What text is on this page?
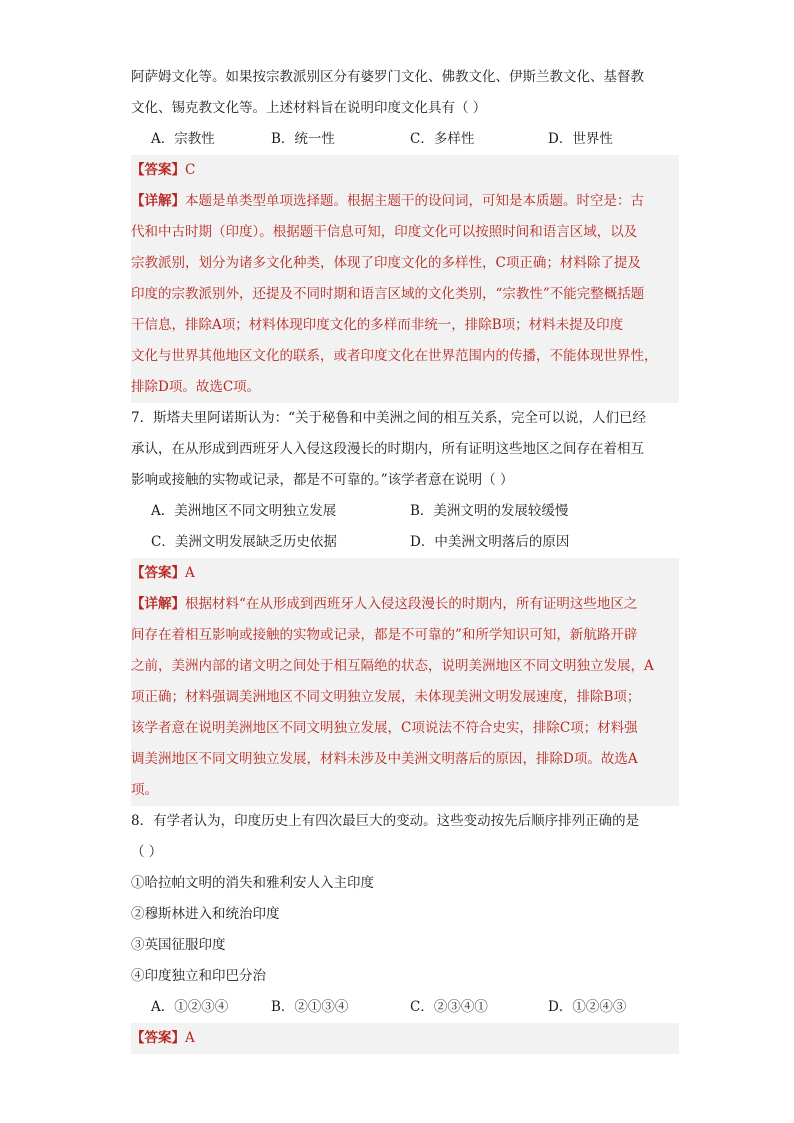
阿萨姆文化等。如果按宗教派别区分有婆罗门文化、佛教文化、伊斯兰教文化、基督教
文化、锡克教文化等。上述材料旨在说明印度文化具有（ ）
A．宗教性	B．统一性	C．多样性	D．世界性
【答案】C
【详解】本题是单类型单项选择题。根据主题干的设问词，可知是本质题。时空是：古
代和中古时期（印度）。根据题干信息可知，印度文化可以按照时间和语言区域，以及
宗教派别，划分为诸多文化种类，体现了印度文化的多样性，C项正确；材料除了提及
印度的宗教派别外，还提及不同时期和语言区域的文化类别，“宗教性”不能完整概括题
干信息，排除A项；材料体现印度文化的多样而非统一，排除B项；材料未提及印度
文化与世界其他地区文化的联系，或者印度文化在世界范围内的传播，不能体现世界性，
排除D项。故选C项。
7．斯塔夫里阿诺斯认为：“关于秘鲁和中美洲之间的相互关系，完全可以说，人们已经
承认，在从形成到西班牙人入侵这段漫长的时期内，所有证明这些地区之间存在着相互
影响或接触的实物或记录，都是不可靠的。”该学者意在说明（ ）
A．美洲地区不同文明独立发展	B．美洲文明的发展较缓慢
C．美洲文明发展缺乏历史依据	D．中美洲文明落后的原因
【答案】A
【详解】根据材料“在从形成到西班牙人入侵这段漫长的时期内，所有证明这些地区之
间存在着相互影响或接触的实物或记录，都是不可靠的”和所学知识可知，新航路开辟
之前，美洲内部的诸文明之间处于相互隔绝的状态，说明美洲地区不同文明独立发展，A
项正确；材料强调美洲地区不同文明独立发展，未体现美洲文明发展速度，排除B项；
该学者意在说明美洲地区不同文明独立发展，C项说法不符合史实，排除C项；材料强
调美洲地区不同文明独立发展，材料未涉及中美洲文明落后的原因，排除D项。故选A
项。
8．有学者认为，印度历史上有四次最巨大的变动。这些变动按先后顺序排列正确的是
（ ）
①哈拉帕文明的消失和雅利安人入主印度
②穆斯林进入和统治印度
③英国征服印度
④印度独立和印巴分治
A．①②③④	B．②①③④	C．②③④①	D．①②④③
【答案】A
